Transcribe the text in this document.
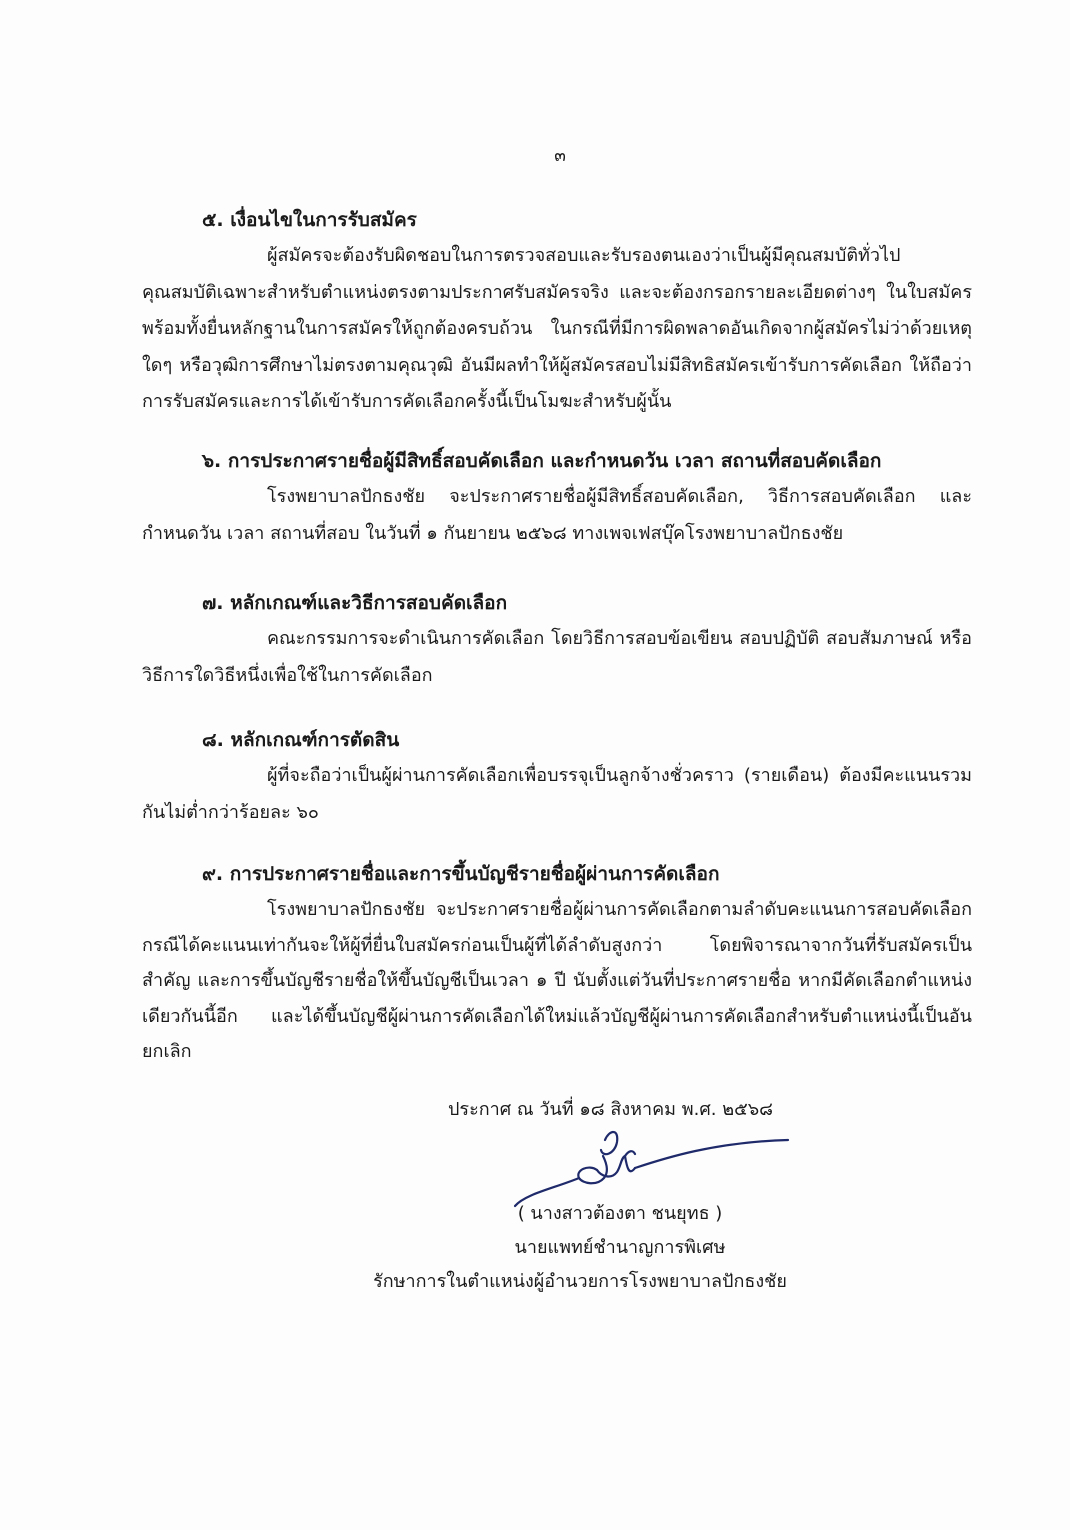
๓

๕. เงื่อนไขในการรับสมัคร

ผู้สมัครจะต้องรับผิดชอบในการตรวจสอบและรับรองตนเองว่าเป็นผู้มีคุณสมบัติทั่วไป คุณสมบัติเฉพาะสำหรับตำแหน่งตรงตามประกาศรับสมัครจริง และจะต้องกรอกรายละเอียดต่างๆ ในใบสมัครพร้อมทั้งยื่นหลักฐานในการสมัครให้ถูกต้องครบถ้วน ในกรณีที่มีการผิดพลาดอันเกิดจากผู้สมัครไม่ว่าด้วยเหตุใดๆ หรือวุฒิการศึกษาไม่ตรงตามคุณวุฒิ อันมีผลทำให้ผู้สมัครสอบไม่มีสิทธิสมัครเข้ารับการคัดเลือก ให้ถือว่าการรับสมัครและการได้เข้ารับการคัดเลือกครั้งนี้เป็นโมฆะสำหรับผู้นั้น

๖. การประกาศรายชื่อผู้มีสิทธิ์สอบคัดเลือก และกำหนดวัน เวลา สถานที่สอบคัดเลือก

โรงพยาบาลปักธงชัย จะประกาศรายชื่อผู้มีสิทธิ์สอบคัดเลือก, วิธีการสอบคัดเลือก และกำหนดวัน เวลา สถานที่สอบ ในวันที่ ๑ กันยายน ๒๕๖๘ ทางเพจเฟสบุ๊คโรงพยาบาลปักธงชัย

๗. หลักเกณฑ์และวิธีการสอบคัดเลือก

คณะกรรมการจะดำเนินการคัดเลือก โดยวิธีการสอบข้อเขียน สอบปฏิบัติ สอบสัมภาษณ์ หรือวิธีการใดวิธีหนึ่งเพื่อใช้ในการคัดเลือก

๘. หลักเกณฑ์การตัดสิน

ผู้ที่จะถือว่าเป็นผู้ผ่านการคัดเลือกเพื่อบรรจุเป็นลูกจ้างชั่วคราว (รายเดือน) ต้องมีคะแนนรวมกันไม่ต่ำกว่าร้อยละ ๖๐

๙. การประกาศรายชื่อและการขึ้นบัญชีรายชื่อผู้ผ่านการคัดเลือก

โรงพยาบาลปักธงชัย จะประกาศรายชื่อผู้ผ่านการคัดเลือกตามลำดับคะแนนการสอบคัดเลือก กรณีได้คะแนนเท่ากันจะให้ผู้ที่ยื่นใบสมัครก่อนเป็นผู้ที่ได้ลำดับสูงกว่า โดยพิจารณาจากวันที่รับสมัครเป็นสำคัญ และการขึ้นบัญชีรายชื่อให้ขึ้นบัญชีเป็นเวลา ๑ ปี นับตั้งแต่วันที่ประกาศรายชื่อ หากมีคัดเลือกตำแหน่งเดียวกันนี้อีก และได้ขึ้นบัญชีผู้ผ่านการคัดเลือกได้ใหม่แล้วบัญชีผู้ผ่านการคัดเลือกสำหรับตำแหน่งนี้เป็นอันยกเลิก

ประกาศ ณ วันที่ ๑๘ สิงหาคม พ.ศ. ๒๕๖๘
( นางสาวต้องตา ชนยุทธ )
นายแพทย์ชำนาญการพิเศษ
รักษาการในตำแหน่งผู้อำนวยการโรงพยาบาลปักธงชัย
